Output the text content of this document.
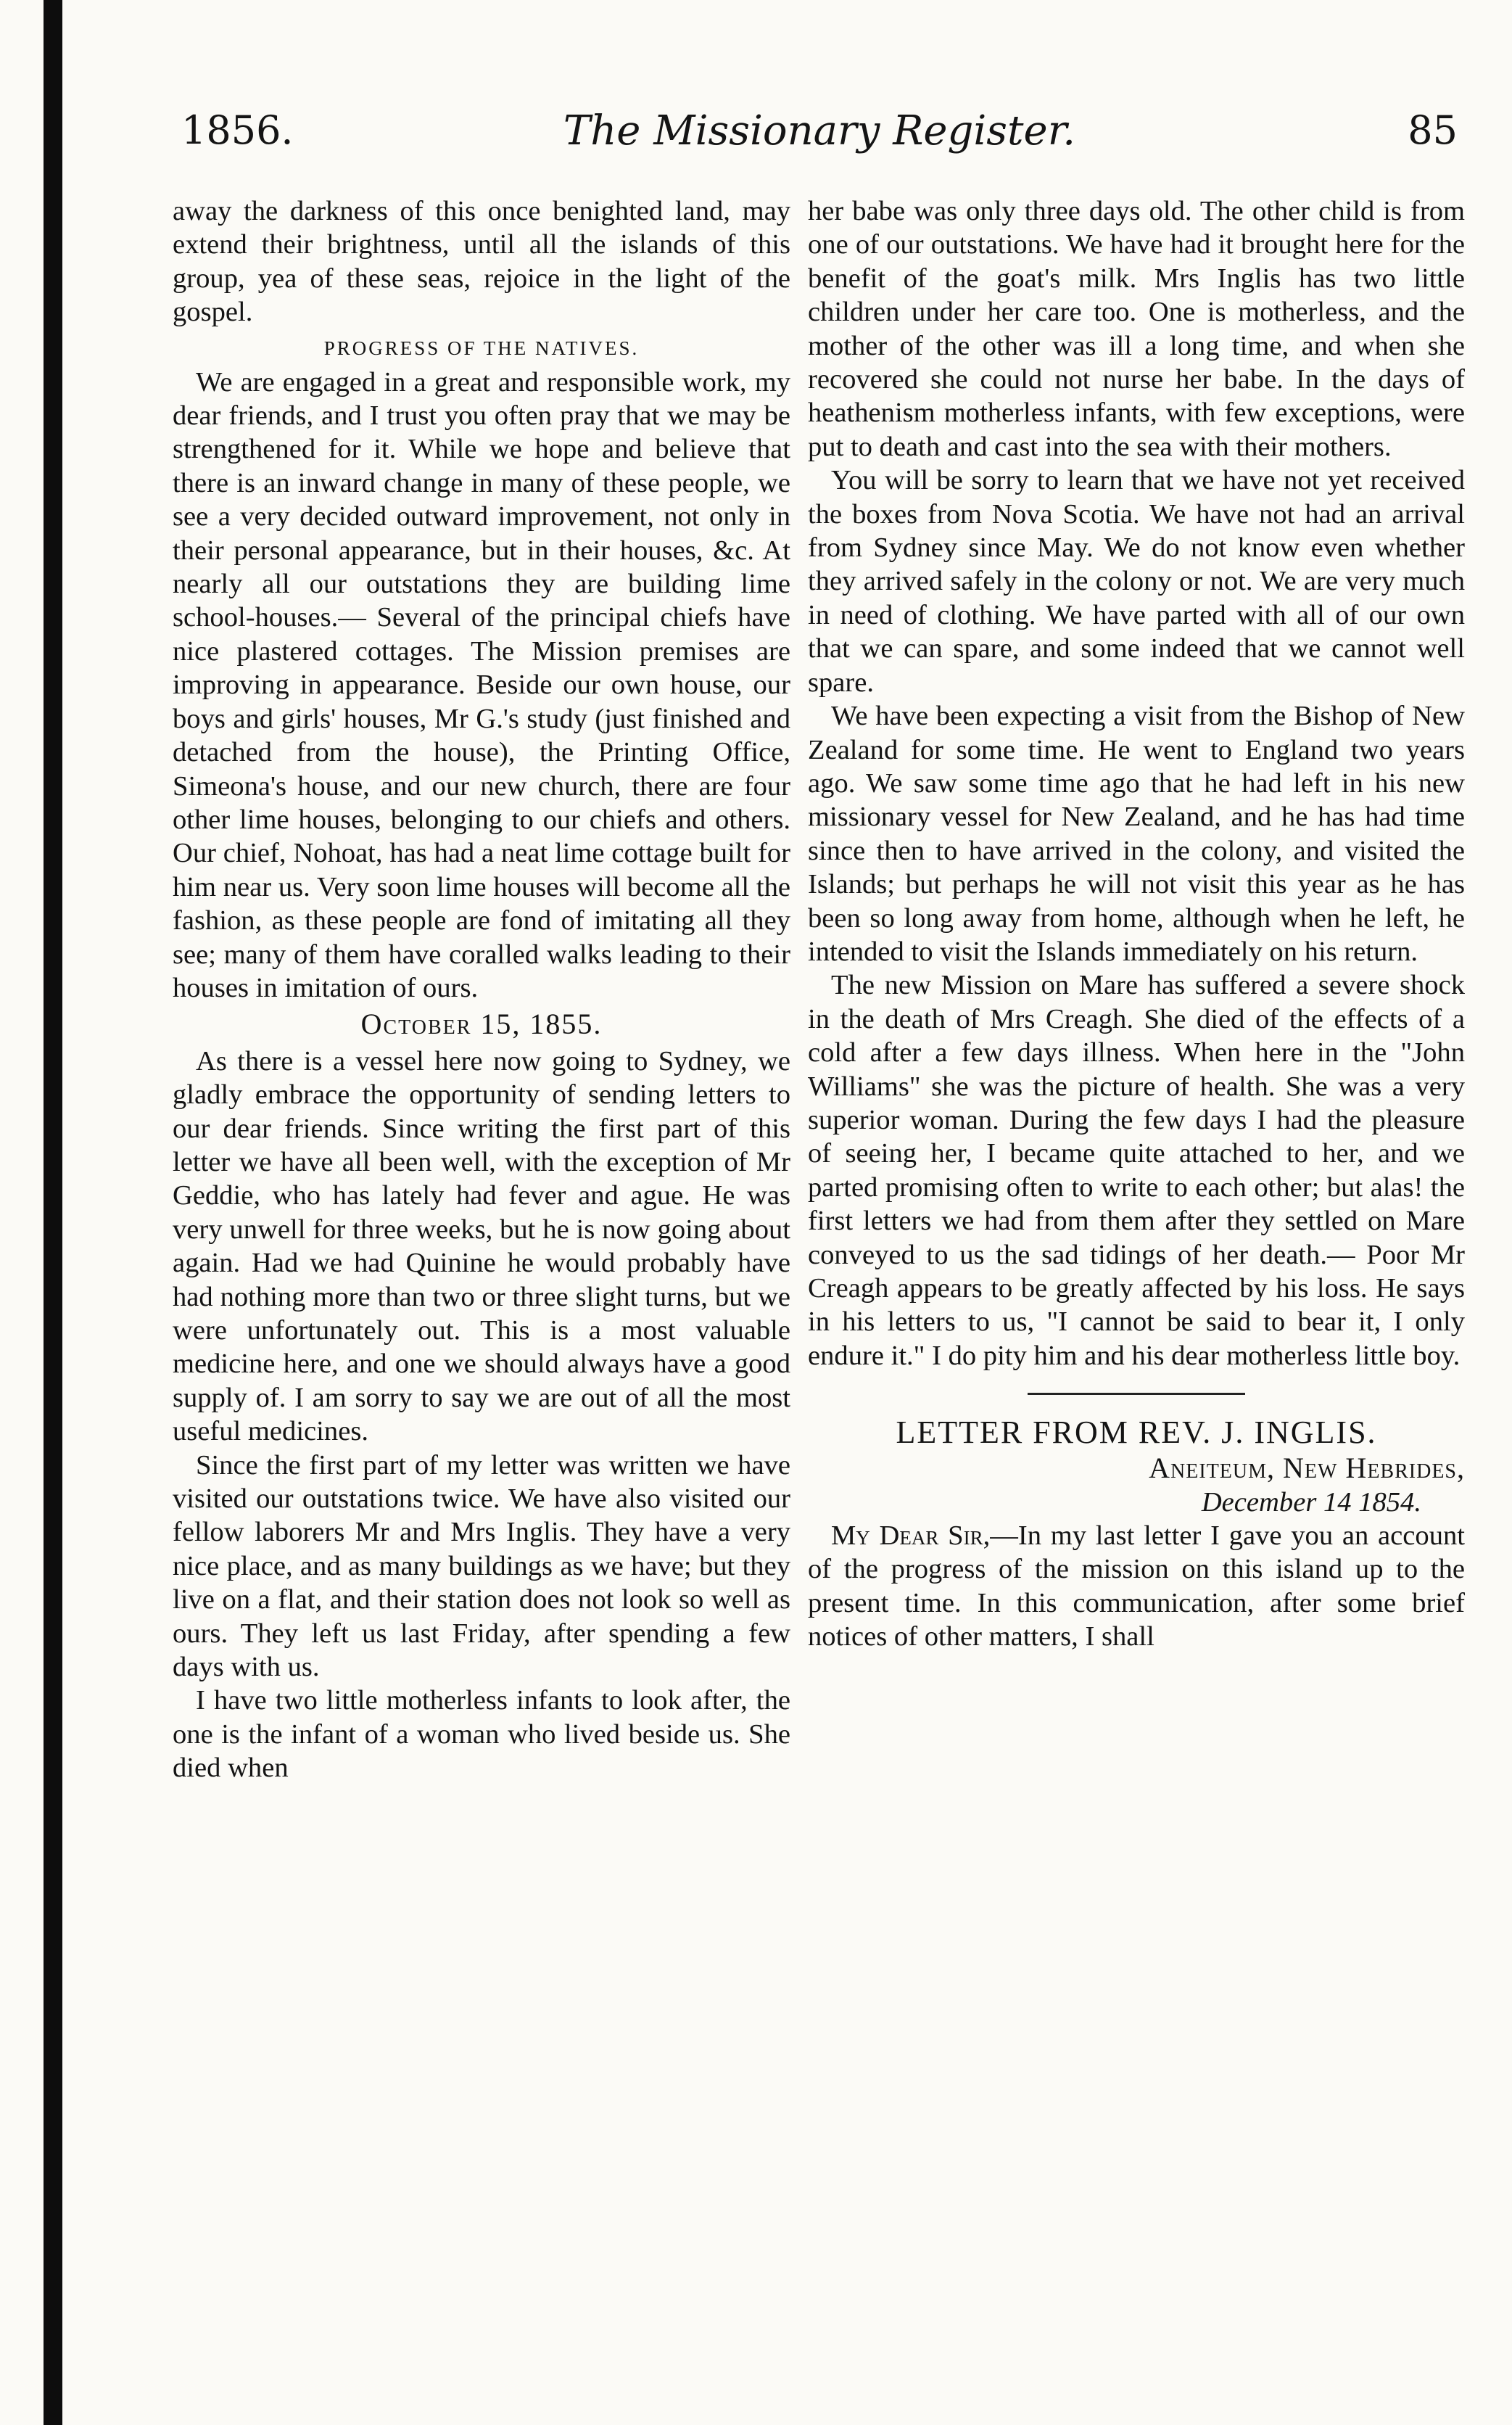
1856.	The Missionary Register.	85

away the darkness of this once benighted land, may extend their brightness, until all the islands of this group, yea of these seas, rejoice in the light of the gospel.

PROGRESS OF THE NATIVES.

We are engaged in a great and responsible work, my dear friends, and I trust you often pray that we may be strengthened for it. While we hope and believe that there is an inward change in many of these people, we see a very decided outward improvement, not only in their personal appearance, but in their houses, &c. At nearly all our outstations they are building lime school-houses.— Several of the principal chiefs have nice plastered cottages. The Mission premises are improving in appearance. Beside our own house, our boys and girls' houses, Mr G.'s study (just finished and detached from the house), the Printing Office, Simeona's house, and our new church, there are four other lime houses, belonging to our chiefs and others. Our chief, Nohoat, has had a neat lime cottage built for him near us. Very soon lime houses will become all the fashion, as these people are fond of imitating all they see; many of them have coralled walks leading to their houses in imitation of ours.

October 15, 1855.

As there is a vessel here now going to Sydney, we gladly embrace the opportunity of sending letters to our dear friends. Since writing the first part of this letter we have all been well, with the exception of Mr Geddie, who has lately had fever and ague. He was very unwell for three weeks, but he is now going about again. Had we had Quinine he would probably have had nothing more than two or three slight turns, but we were unfortunately out. This is a most valuable medicine here, and one we should always have a good supply of. I am sorry to say we are out of all the most useful medicines.

Since the first part of my letter was written we have visited our outstations twice. We have also visited our fellow laborers Mr and Mrs Inglis. They have a very nice place, and as many buildings as we have; but they live on a flat, and their station does not look so well as ours. They left us last Friday, after spending a few days with us.

I have two little motherless infants to look after, the one is the infant of a woman who lived beside us. She died when

her babe was only three days old. The other child is from one of our outstations. We have had it brought here for the benefit of the goat's milk. Mrs Inglis has two little children under her care too. One is motherless, and the mother of the other was ill a long time, and when she recovered she could not nurse her babe. In the days of heathenism motherless infants, with few exceptions, were put to death and cast into the sea with their mothers.

You will be sorry to learn that we have not yet received the boxes from Nova Scotia. We have not had an arrival from Sydney since May. We do not know even whether they arrived safely in the colony or not. We are very much in need of clothing. We have parted with all of our own that we can spare, and some indeed that we cannot well spare.

We have been expecting a visit from the Bishop of New Zealand for some time. He went to England two years ago. We saw some time ago that he had left in his new missionary vessel for New Zealand, and he has had time since then to have arrived in the colony, and visited the Islands; but perhaps he will not visit this year as he has been so long away from home, although when he left, he intended to visit the Islands immediately on his return.

The new Mission on Mare has suffered a severe shock in the death of Mrs Creagh. She died of the effects of a cold after a few days illness. When here in the "John Williams" she was the picture of health. She was a very superior woman. During the few days I had the pleasure of seeing her, I became quite attached to her, and we parted promising often to write to each other; but alas! the first letters we had from them after they settled on Mare conveyed to us the sad tidings of her death.— Poor Mr Creagh appears to be greatly affected by his loss. He says in his letters to us, "I cannot be said to bear it, I only endure it." I do pity him and his dear motherless little boy.

LETTER FROM REV. J. INGLIS.

Aneiteum, New Hebrides,

December 14 1854.

My Dear Sir,—In my last letter I gave you an account of the progress of the mission on this island up to the present time. In this communication, after some brief notices of other matters, I shall
